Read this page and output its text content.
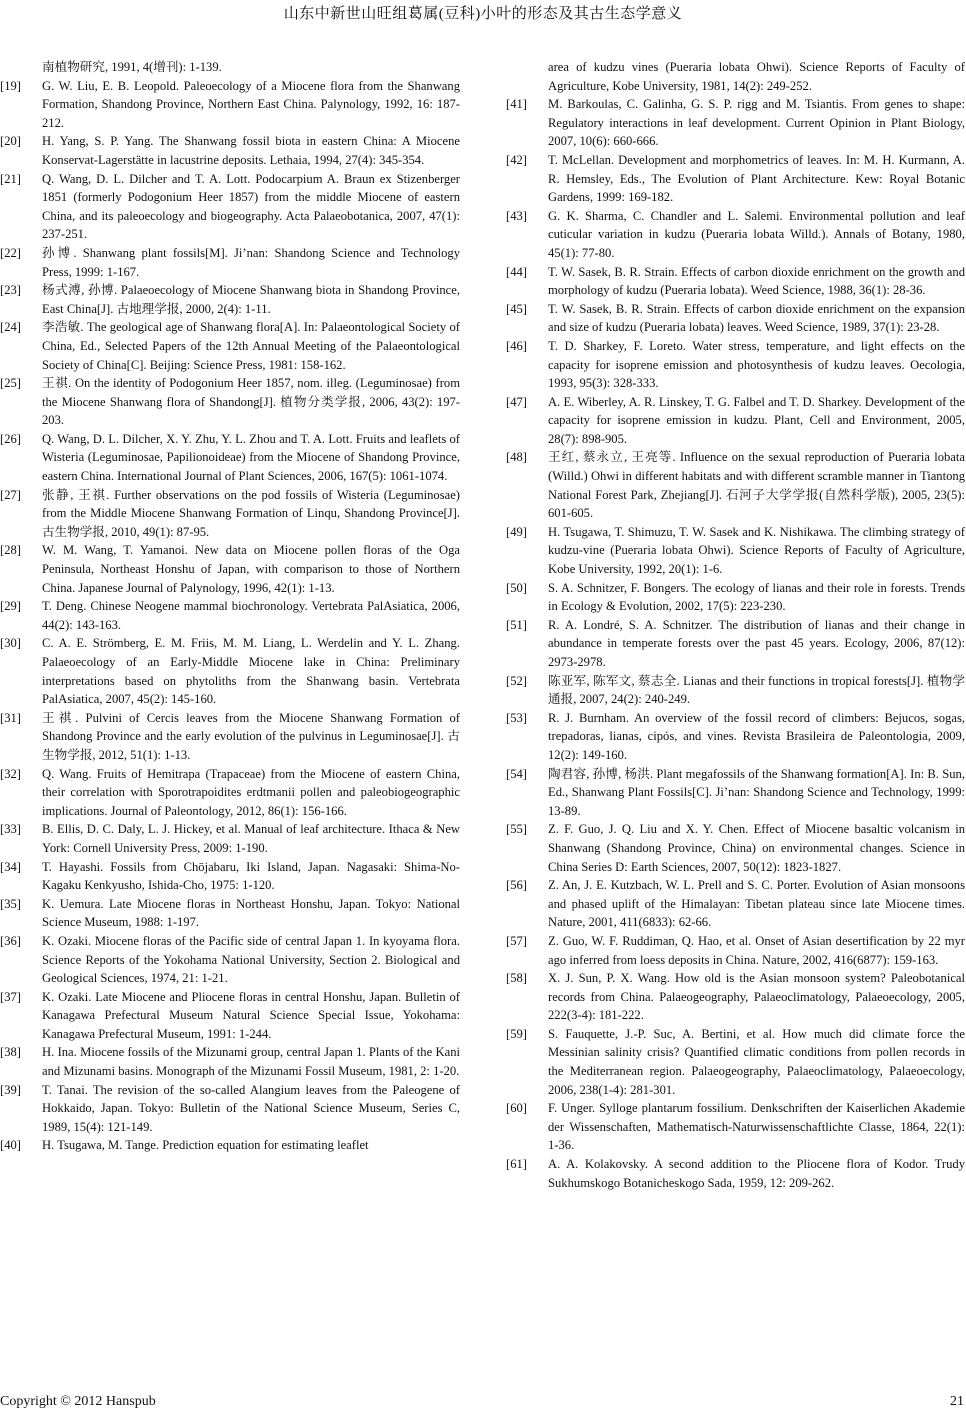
山东中新世山旺组葛属(豆科)小叶的形态及其古生态学意义
南植物研究, 1991, 4(增刊): 1-139.
[19]	G. W. Liu, E. B. Leopold. Paleoecology of a Miocene flora from the Shanwang Formation, Shandong Province, Northern East China. Palynology, 1992, 16: 187-212.
[20]	H. Yang, S. P. Yang. The Shanwang fossil biota in eastern China: A Miocene Konservat-Lagerstätte in lacustrine deposits. Lethaia, 1994, 27(4): 345-354.
[21]	Q. Wang, D. L. Dilcher and T. A. Lott. Podocarpium A. Braun ex Stizenberger 1851 (formerly Podogonium Heer 1857) from the middle Miocene of eastern China, and its paleoecology and biogeography. Acta Palaeobotanica, 2007, 47(1): 237-251.
[22]	孙博. Shanwang plant fossils[M]. Ji’nan: Shandong Science and Technology Press, 1999: 1-167.
[23]	杨式溥, 孙博. Palaeoecology of Miocene Shanwang biota in Shandong Province, East China[J]. 古地理学报, 2000, 2(4): 1-11.
[24]	李浩敏. The geological age of Shanwang flora[A]. In: Palaeontological Society of China, Ed., Selected Papers of the 12th Annual Meeting of the Palaeontological Society of China[C]. Beijing: Science Press, 1981: 158-162.
[25]	王祺. On the identity of Podogonium Heer 1857, nom. illeg. (Leguminosae) from the Miocene Shanwang flora of Shandong[J]. 植物分类学报, 2006, 43(2): 197-203.
[26]	Q. Wang, D. L. Dilcher, X. Y. Zhu, Y. L. Zhou and T. A. Lott. Fruits and leaflets of Wisteria (Leguminosae, Papilionoideae) from the Miocene of Shandong Province, eastern China. International Journal of Plant Sciences, 2006, 167(5): 1061-1074.
[27]	张静, 王祺. Further observations on the pod fossils of Wisteria (Leguminosae) from the Middle Miocene Shanwang Formation of Linqu, Shandong Province[J]. 古生物学报, 2010, 49(1): 87-95.
[28]	W. M. Wang, T. Yamanoi. New data on Miocene pollen floras of the Oga Peninsula, Northeast Honshu of Japan, with comparison to those of Northern China. Japanese Journal of Palynology, 1996, 42(1): 1-13.
[29]	T. Deng. Chinese Neogene mammal biochronology. Vertebrata PalAsiatica, 2006, 44(2): 143-163.
[30]	C. A. E. Strömberg, E. M. Friis, M. M. Liang, L. Werdelin and Y. L. Zhang. Palaeoecology of an Early-Middle Miocene lake in China: Preliminary interpretations based on phytoliths from the Shanwang basin. Vertebrata PalAsiatica, 2007, 45(2): 145-160.
[31]	王祺. Pulvini of Cercis leaves from the Miocene Shanwang Formation of Shandong Province and the early evolution of the pulvinus in Leguminosae[J]. 古生物学报, 2012, 51(1): 1-13.
[32]	Q. Wang. Fruits of Hemitrapa (Trapaceae) from the Miocene of eastern China, their correlation with Sporotrapoidites erdtmanii pollen and paleobiogeographic implications. Journal of Paleontology, 2012, 86(1): 156-166.
[33]	B. Ellis, D. C. Daly, L. J. Hickey, et al. Manual of leaf architecture. Ithaca & New York: Cornell University Press, 2009: 1-190.
[34]	T. Hayashi. Fossils from Chōjabaru, Iki Island, Japan. Nagasaki: Shima-No-Kagaku Kenkyusho, Ishida-Cho, 1975: 1-120.
[35]	K. Uemura. Late Miocene floras in Northeast Honshu, Japan. Tokyo: National Science Museum, 1988: 1-197.
[36]	K. Ozaki. Miocene floras of the Pacific side of central Japan 1. In kyoyama flora. Science Reports of the Yokohama National University, Section 2. Biological and Geological Sciences, 1974, 21: 1-21.
[37]	K. Ozaki. Late Miocene and Pliocene floras in central Honshu, Japan. Bulletin of Kanagawa Prefectural Museum Natural Science Special Issue, Yokohama: Kanagawa Prefectural Museum, 1991: 1-244.
[38]	H. Ina. Miocene fossils of the Mizunami group, central Japan 1. Plants of the Kani and Mizunami basins. Monograph of the Mizunami Fossil Museum, 1981, 2: 1-20.
[39]	T. Tanai. The revision of the so-called Alangium leaves from the Paleogene of Hokkaido, Japan. Tokyo: Bulletin of the National Science Museum, Series C, 1989, 15(4): 121-149.
[40]	H. Tsugawa, M. Tange. Prediction equation for estimating leaflet
area of kudzu vines (Pueraria lobata Ohwi). Science Reports of Faculty of Agriculture, Kobe University, 1981, 14(2): 249-252.
[41]	M. Barkoulas, C. Galinha, G. S. P. rigg and M. Tsiantis. From genes to shape: Regulatory interactions in leaf development. Current Opinion in Plant Biology, 2007, 10(6): 660-666.
[42]	T. McLellan. Development and morphometrics of leaves. In: M. H. Kurmann, A. R. Hemsley, Eds., The Evolution of Plant Architecture. Kew: Royal Botanic Gardens, 1999: 169-182.
[43]	G. K. Sharma, C. Chandler and L. Salemi. Environmental pollution and leaf cuticular variation in kudzu (Pueraria lobata Willd.). Annals of Botany, 1980, 45(1): 77-80.
[44]	T. W. Sasek, B. R. Strain. Effects of carbon dioxide enrichment on the growth and morphology of kudzu (Pueraria lobata). Weed Science, 1988, 36(1): 28-36.
[45]	T. W. Sasek, B. R. Strain. Effects of carbon dioxide enrichment on the expansion and size of kudzu (Pueraria lobata) leaves. Weed Science, 1989, 37(1): 23-28.
[46]	T. D. Sharkey, F. Loreto. Water stress, temperature, and light effects on the capacity for isoprene emission and photosynthesis of kudzu leaves. Oecologia, 1993, 95(3): 328-333.
[47]	A. E. Wiberley, A. R. Linskey, T. G. Falbel and T. D. Sharkey. Development of the capacity for isoprene emission in kudzu. Plant, Cell and Environment, 2005, 28(7): 898-905.
[48]	王红, 蔡永立, 王亮等. Influence on the sexual reproduction of Pueraria lobata (Willd.) Ohwi in different habitats and with different scramble manner in Tiantong National Forest Park, Zhejiang[J]. 石河子大学学报(自然科学版), 2005, 23(5): 601-605.
[49]	H. Tsugawa, T. Shimuzu, T. W. Sasek and K. Nishikawa. The climbing strategy of kudzu-vine (Pueraria lobata Ohwi). Science Reports of Faculty of Agriculture, Kobe University, 1992, 20(1): 1-6.
[50]	S. A. Schnitzer, F. Bongers. The ecology of lianas and their role in forests. Trends in Ecology & Evolution, 2002, 17(5): 223-230.
[51]	R. A. Londré, S. A. Schnitzer. The distribution of lianas and their change in abundance in temperate forests over the past 45 years. Ecology, 2006, 87(12): 2973-2978.
[52]	陈亚军, 陈军文, 蔡志全. Lianas and their functions in tropical forests[J]. 植物学通报, 2007, 24(2): 240-249.
[53]	R. J. Burnham. An overview of the fossil record of climbers: Bejucos, sogas, trepadoras, lianas, cipós, and vines. Revista Brasileira de Paleontologia, 2009, 12(2): 149-160.
[54]	陶君容, 孙博, 杨洪. Plant megafossils of the Shanwang formation[A]. In: B. Sun, Ed., Shanwang Plant Fossils[C]. Ji’nan: Shandong Science and Technology, 1999: 13-89.
[55]	Z. F. Guo, J. Q. Liu and X. Y. Chen. Effect of Miocene basaltic volcanism in Shanwang (Shandong Province, China) on environmental changes. Science in China Series D: Earth Sciences, 2007, 50(12): 1823-1827.
[56]	Z. An, J. E. Kutzbach, W. L. Prell and S. C. Porter. Evolution of Asian monsoons and phased uplift of the Himalayan: Tibetan plateau since late Miocene times. Nature, 2001, 411(6833): 62-66.
[57]	Z. Guo, W. F. Ruddiman, Q. Hao, et al. Onset of Asian desertification by 22 myr ago inferred from loess deposits in China. Nature, 2002, 416(6877): 159-163.
[58]	X. J. Sun, P. X. Wang. How old is the Asian monsoon system? Paleobotanical records from China. Palaeogeography, Palaeoclimatology, Palaeoecology, 2005, 222(3-4): 181-222.
[59]	S. Fauquette, J.-P. Suc, A. Bertini, et al. How much did climate force the Messinian salinity crisis? Quantified climatic conditions from pollen records in the Mediterranean region. Palaeogeography, Palaeoclimatology, Palaeoecology, 2006, 238(1-4): 281-301.
[60]	F. Unger. Sylloge plantarum fossilium. Denkschriften der Kaiserlichen Akademie der Wissenschaften, Mathematisch-Naturwissenschaftlichte Classe, 1864, 22(1): 1-36.
[61]	A. A. Kolakovsky. A second addition to the Pliocene flora of Kodor. Trudy Sukhumskogo Botanicheskogo Sada, 1959, 12: 209-262.
Copyright © 2012 Hanspub	21
